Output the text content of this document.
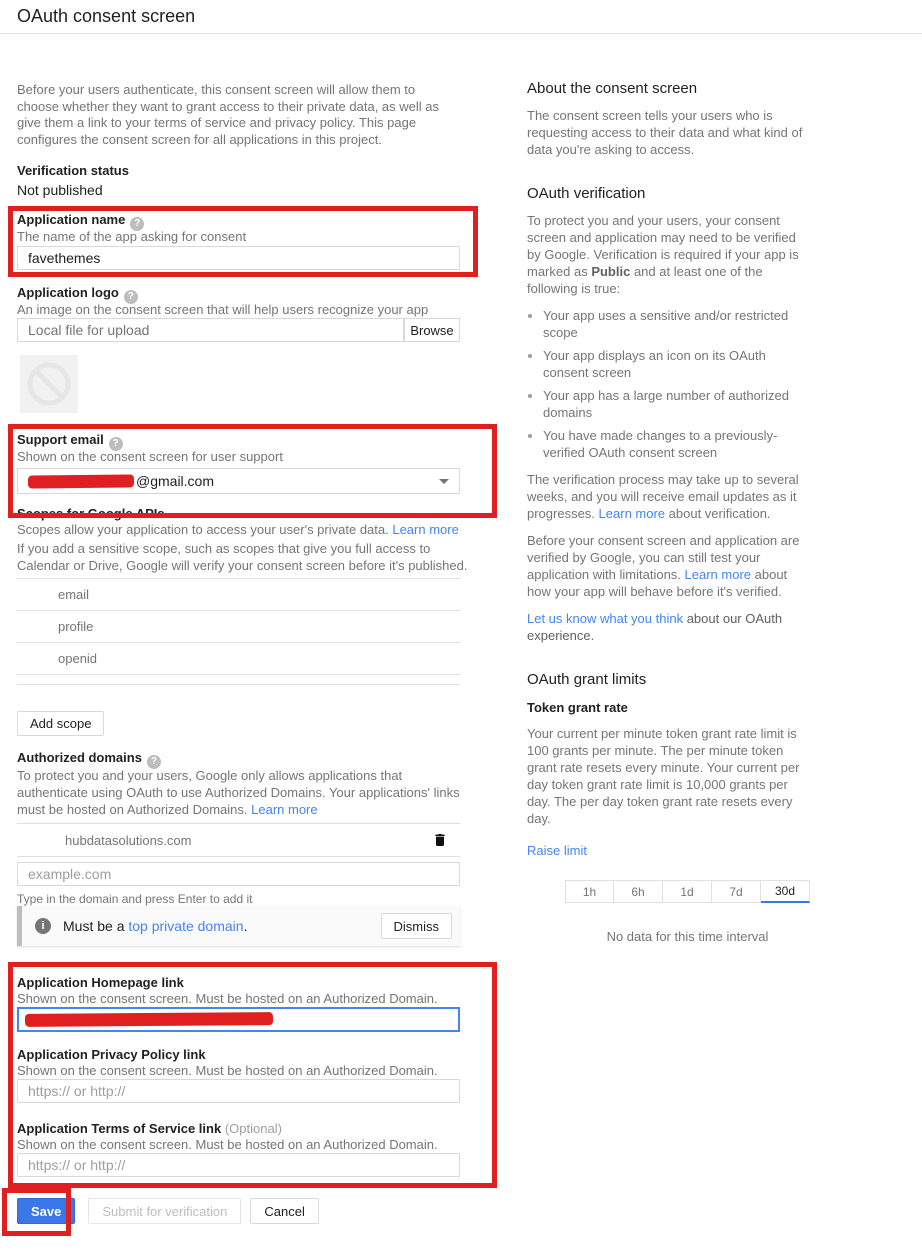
OAuth consent screen
Before your users authenticate, this consent screen will allow them to choose whether they want to grant access to their private data, as well as give them a link to your terms of service and privacy policy. This page configures the consent screen for all applications in this project.
Verification status
Not published
Application name ?
The name of the app asking for consent
favethemes
Application logo ?
An image on the consent screen that will help users recognize your app
Local file for upload
Browse
Support email ?
Shown on the consent screen for user support
@gmail.com
Scopes for Google APIs
Scopes allow your application to access your user's private data. Learn more
If you add a sensitive scope, such as scopes that give you full access to Calendar or Drive, Google will verify your consent screen before it's published.
email
profile
openid
Add scope
Authorized domains ?
To protect you and your users, Google only allows applications that authenticate using OAuth to use Authorized Domains. Your applications' links must be hosted on Authorized Domains. Learn more
hubdatasolutions.com
example.com
Type in the domain and press Enter to add it
i	Must be a top private domain.	Dismiss
Application Homepage link
Shown on the consent screen. Must be hosted on an Authorized Domain.
Application Privacy Policy link
Shown on the consent screen. Must be hosted on an Authorized Domain.
https:// or http://
Application Terms of Service link (Optional)
Shown on the consent screen. Must be hosted on an Authorized Domain.
https:// or http://
Save	Submit for verification	Cancel
About the consent screen

The consent screen tells your users who is requesting access to their data and what kind of data you're asking to access.

OAuth verification

To protect you and your users, your consent screen and application may need to be verified by Google. Verification is required if your app is marked as Public and at least one of the following is true:

• Your app uses a sensitive and/or restricted scope
• Your app displays an icon on its OAuth consent screen
• Your app has a large number of authorized domains
• You have made changes to a previously-verified OAuth consent screen

The verification process may take up to several weeks, and you will receive email updates as it progresses. Learn more about verification.

Before your consent screen and application are verified by Google, you can still test your application with limitations. Learn more about how your app will behave before it's verified.

Let us know what you think about our OAuth experience.

OAuth grant limits
Token grant rate

Your current per minute token grant rate limit is 100 grants per minute. The per minute token grant rate resets every minute. Your current per day token grant rate limit is 10,000 grants per day. The per day token grant rate resets every day.

Raise limit
1h	6h	1d	7d	30d
No data for this time interval
